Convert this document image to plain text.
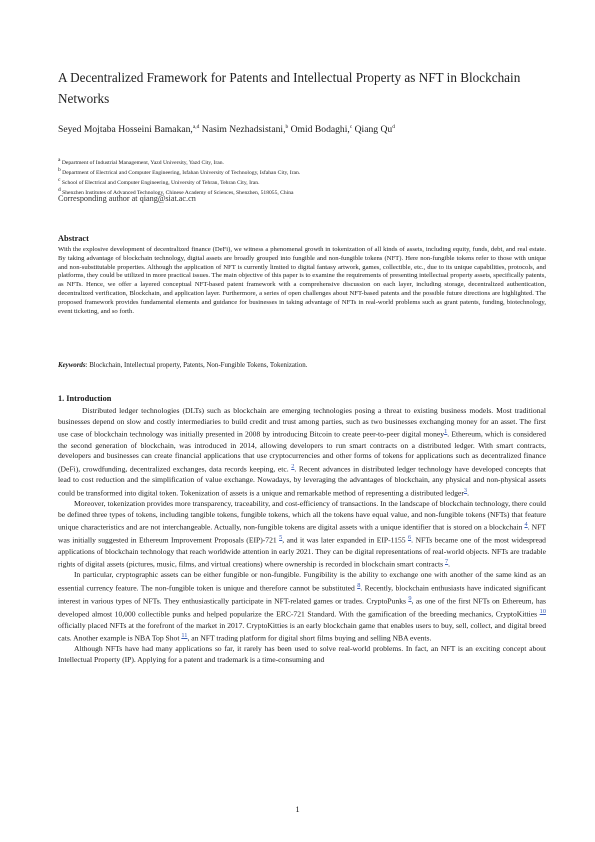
A Decentralized Framework for Patents and Intellectual Property as NFT in Blockchain Networks
Seyed Mojtaba Hosseini Bamakan,$^{a,d}$ Nasim Nezhadsistani,$^b$ Omid Bodaghi,$^c$ Qiang Qu$^d$
$^a$ Department of Industrial Management, Yazd University, Yazd City, Iran.
$^b$ Department of Electrical and Computer Engineering, Isfahan University of Technology, Isfahan City, Iran.
$^c$ School of Electrical and Computer Engineering, University of Tehran, Tehran City, Iran.
$^d$ Shenzhen Institutes of Advanced Technology, Chinese Academy of Sciences, Shenzhen, 518055, China
Corresponding author at qiang@siat.ac.cn
Abstract
With the explosive development of decentralized finance (DeFi), we witness a phenomenal growth in tokenization of all kinds of assets, including equity, funds, debt, and real estate. By taking advantage of blockchain technology, digital assets are broadly grouped into fungible and non-fungible tokens (NFT). Here non-fungible tokens refer to those with unique and non-substitutable properties. Although the application of NFT is currently limited to digital fantasy artwork, games, collectible, etc., due to its unique capabilities, protocols, and platforms, they could be utilized in more practical issues. The main objective of this paper is to examine the requirements of presenting intellectual property assets, specifically patents, as NFTs. Hence, we offer a layered conceptual NFT-based patent framework with a comprehensive discussion on each layer, including storage, decentralized authentication, decentralized verification, Blockchain, and application layer. Furthermore, a series of open challenges about NFT-based patents and the possible future directions are highlighted. The proposed framework provides fundamental elements and guidance for businesses in taking advantage of NFTs in real-world problems such as grant patents, funding, biotechnology, event ticketing, and so forth.
Keywords: Blockchain, Intellectual property, Patents, Non-Fungible Tokens, Tokenization.
1. Introduction

Distributed ledger technologies (DLTs) such as blockchain are emerging technologies posing a threat to existing business models. Most traditional businesses depend on slow and costly intermediaries to build credit and trust among parties, such as two businesses exchanging money for an asset. The first use case of blockchain technology was initially presented in 2008 by introducing Bitcoin to create peer-to-peer digital money$^1$. Ethereum, which is considered the second generation of blockchain, was introduced in 2014, allowing developers to run smart contracts on a distributed ledger. With smart contracts, developers and businesses can create financial applications that use cryptocurrencies and other forms of tokens for applications such as decentralized finance (DeFi), crowdfunding, decentralized exchanges, data records keeping, etc. $^2$. Recent advances in distributed ledger technology have developed concepts that lead to cost reduction and the simplification of value exchange. Nowadays, by leveraging the advantages of blockchain, any physical and non-physical assets could be transformed into digital token. Tokenization of assets is a unique and remarkable method of representing a distributed ledger$^3$.

Moreover, tokenization provides more transparency, traceability, and cost-efficiency of transactions. In the landscape of blockchain technology, there could be defined three types of tokens, including tangible tokens, fungible tokens, which all the tokens have equal value, and non-fungible tokens (NFTs) that feature unique characteristics and are not interchangeable. Actually, non-fungible tokens are digital assets with a unique identifier that is stored on a blockchain $^4$. NFT was initially suggested in Ethereum Improvement Proposals (EIP)-721 $^5$, and it was later expanded in EIP-1155 $^6$. NFTs became one of the most widespread applications of blockchain technology that reach worldwide attention in early 2021. They can be digital representations of real-world objects. NFTs are tradable rights of digital assets (pictures, music, films, and virtual creations) where ownership is recorded in blockchain smart contracts $^7$.

In particular, cryptographic assets can be either fungible or non-fungible. Fungibility is the ability to exchange one with another of the same kind as an essential currency feature. The non-fungible token is unique and therefore cannot be substituted $^8$. Recently, blockchain enthusiasts have indicated significant interest in various types of NFTs. They enthusiastically participate in NFT-related games or trades. CryptoPunks $^9$, as one of the first NFTs on Ethereum, has developed almost 10,000 collectible punks and helped popularize the ERC-721 Standard. With the gamification of the breeding mechanics, CryptoKitties $^{10}$ officially placed NFTs at the forefront of the market in 2017. CryptoKitties is an early blockchain game that enables users to buy, sell, collect, and digital breed cats. Another example is NBA Top Shot $^{11}$, an NFT trading platform for digital short films buying and selling NBA events.

Although NFTs have had many applications so far, it rarely has been used to solve real-world problems. In fact, an NFT is an exciting concept about Intellectual Property (IP). Applying for a patent and trademark is a time-consuming and

1
